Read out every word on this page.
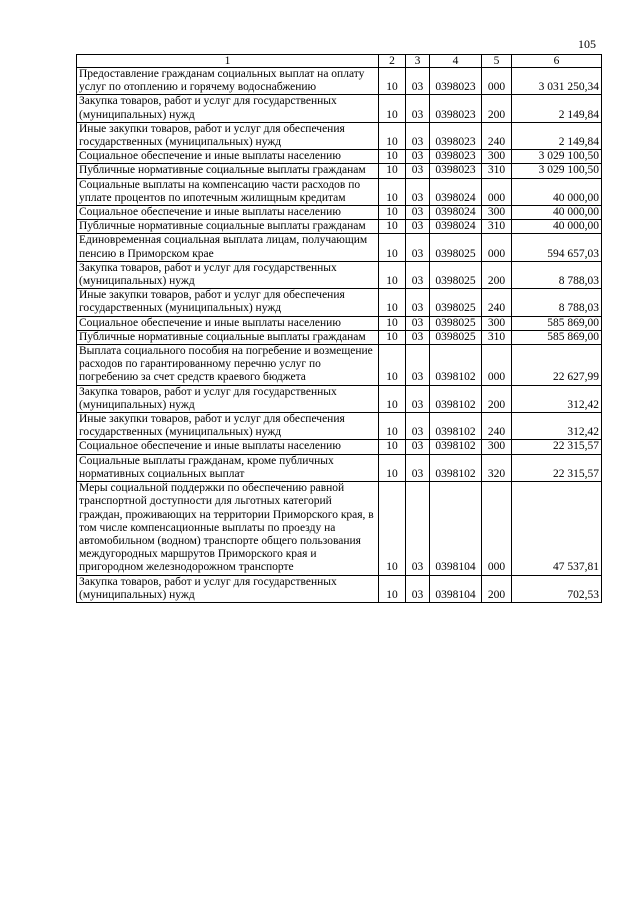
105
1	2	3	4	5	6
Предоставление гражданам социальных выплат на оплату услуг по отоплению и горячему водоснабжению	10	03	0398023	000	3 031 250,34
Закупка товаров, работ и услуг для государственных (муниципальных) нужд	10	03	0398023	200	2 149,84
Иные закупки товаров, работ и услуг для обеспечения государственных (муниципальных) нужд	10	03	0398023	240	2 149,84
Социальное обеспечение и иные выплаты населению	10	03	0398023	300	3 029 100,50
Публичные нормативные социальные выплаты гражданам	10	03	0398023	310	3 029 100,50
Социальные выплаты на компенсацию части расходов по уплате процентов по ипотечным жилищным кредитам	10	03	0398024	000	40 000,00
Социальное обеспечение и иные выплаты населению	10	03	0398024	300	40 000,00
Публичные нормативные социальные выплаты гражданам	10	03	0398024	310	40 000,00
Единовременная социальная выплата лицам, получающим пенсию в Приморском крае	10	03	0398025	000	594 657,03
Закупка товаров, работ и услуг для государственных (муниципальных) нужд	10	03	0398025	200	8 788,03
Иные закупки товаров, работ и услуг для обеспечения государственных (муниципальных) нужд	10	03	0398025	240	8 788,03
Социальное обеспечение и иные выплаты населению	10	03	0398025	300	585 869,00
Публичные нормативные социальные выплаты гражданам	10	03	0398025	310	585 869,00
Выплата социального пособия на погребение и возмещение расходов по гарантированному перечню услуг по погребению за счет средств краевого бюджета	10	03	0398102	000	22 627,99
Закупка товаров, работ и услуг для государственных (муниципальных) нужд	10	03	0398102	200	312,42
Иные закупки товаров, работ и услуг для обеспечения государственных (муниципальных) нужд	10	03	0398102	240	312,42
Социальное обеспечение и иные выплаты населению	10	03	0398102	300	22 315,57
Социальные выплаты гражданам, кроме публичных нормативных социальных выплат	10	03	0398102	320	22 315,57
Меры социальной поддержки по обеспечению равной транспортной доступности для льготных категорий граждан, проживающих на территории Приморского края, в том числе компенсационные выплаты по проезду на автомобильном (водном) транспорте общего пользования междугородных маршрутов Приморского края и пригородном железнодорожном транспорте	10	03	0398104	000	47 537,81
Закупка товаров, работ и услуг для государственных (муниципальных) нужд	10	03	0398104	200	702,53
